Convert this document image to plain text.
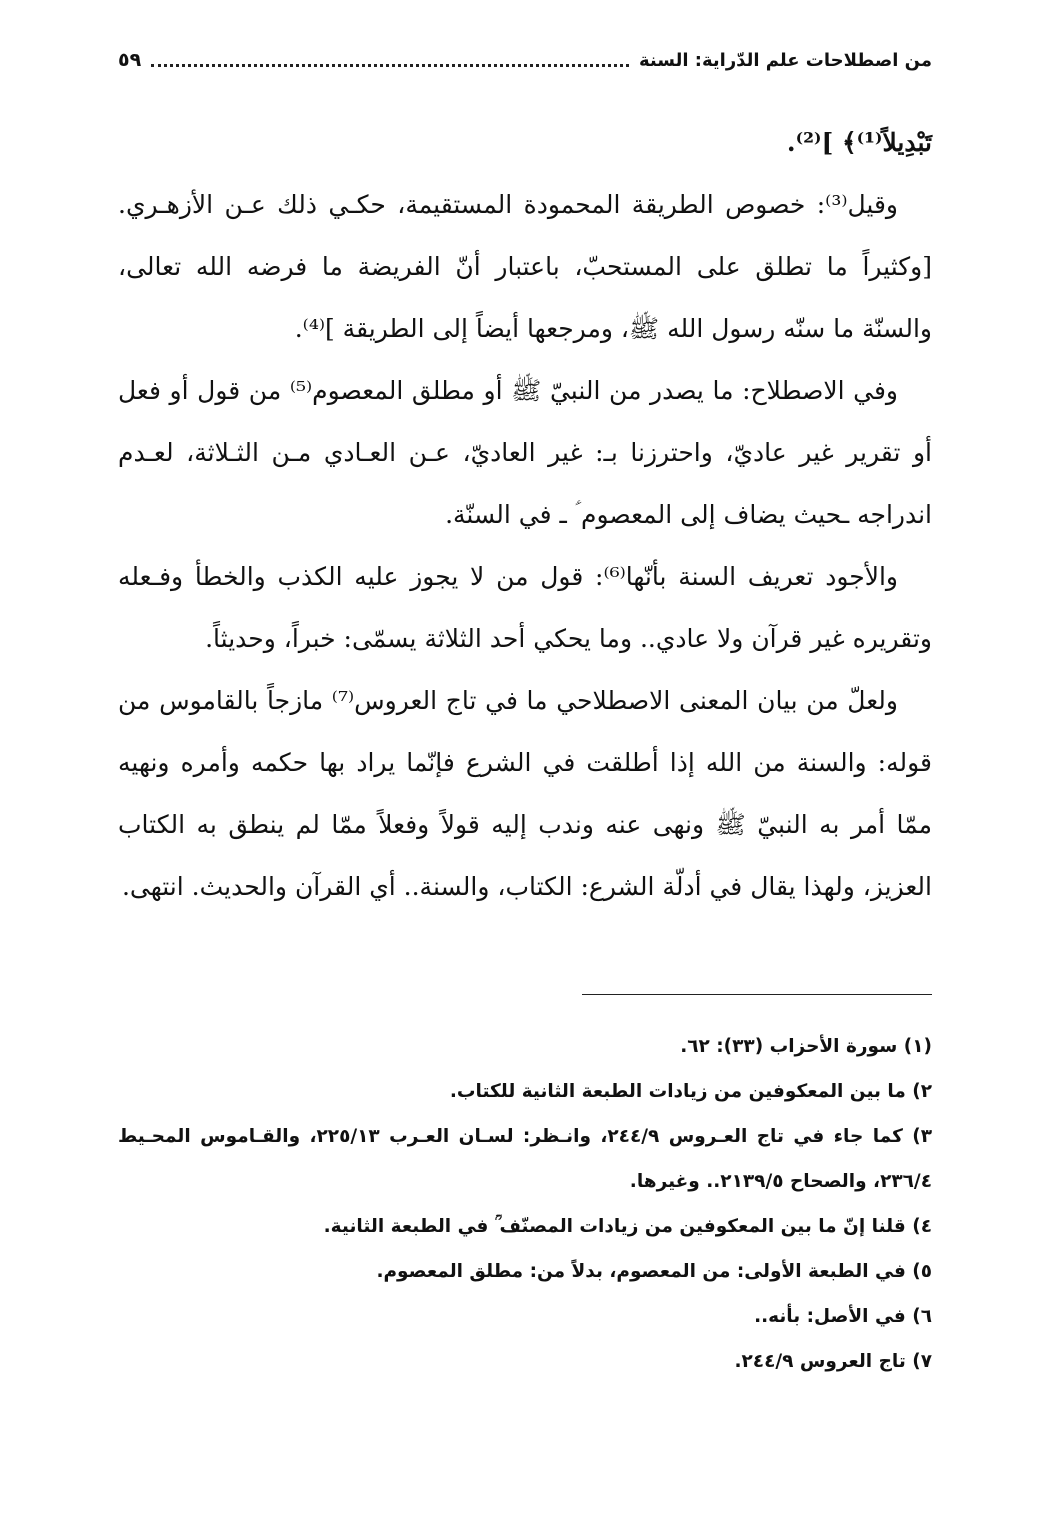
من اصطلاحات علم الدّراية: السنة
٥٩

تَبْدِيلاً⁽¹⁾﴾ ]⁽²⁾.

وقيل⁽³⁾: خصوص الطريقة المحمودة المستقيمة، حكـي ذلك عـن الأزهـري. [وكثيراً ما تطلق على المستحبّ، باعتبار أنّ الفريضة ما فرضه الله تعالى، والسنّة ما سنّه رسول الله ﷺ، ومرجعها أيضاً إلى الطريقة ]⁽⁴⁾.

وفي الاصطلاح: ما يصدر من النبيّ ﷺ أو مطلق المعصوم⁽⁵⁾ من قول أو فعل أو تقرير غير عاديّ، واحترزنا بـ: غير العاديّ، عـن العـادي مـن الثـلاثة، لعـدم اندراجه ـحيث يضاف إلى المعصوم ؑ ـ في السنّة.

والأجود تعريف السنة بأنّها⁽⁶⁾: قول من لا يجوز عليه الكذب والخطأ وفـعله وتقريره غير قرآن ولا عادي.. وما يحكي أحد الثلاثة يسمّى: خبراً، وحديثاً.

ولعلّ من بيان المعنى الاصطلاحي ما في تاج العروس⁽⁷⁾ مازجاً بالقاموس من قوله: والسنة من الله إذا أطلقت في الشرع فإنّما يراد بها حكمه وأمره ونهيه ممّا أمر به النبيّ ﷺ ونهى عنه وندب إليه قولاً وفعلاً ممّا لم ينطق به الكتاب العزيز، ولهذا يقال في أدلّة الشرع: الكتاب، والسنة.. أي القرآن والحديث. انتهى.

(١) سورة الأحزاب (٣٣): ٦٢.

٢) ما بين المعكوفين من زيادات الطبعة الثانية للكتاب.

٣) كما جاء في تاج العـروس ٢٤٤/٩، وانـظر: لسـان العـرب ٢٢٥/١٣، والقـاموس المحـيط ٢٣٦/٤، والصحاح ٢١٣٩/٥.. وغيرها.

٤) قلنا إنّ ما بين المعكوفين من زيادات المصنّف ؒ في الطبعة الثانية.

٥) في الطبعة الأولى: من المعصوم، بدلاً من: مطلق المعصوم.

٦) في الأصل: بأنه..

٧) تاج العروس ٢٤٤/٩.
